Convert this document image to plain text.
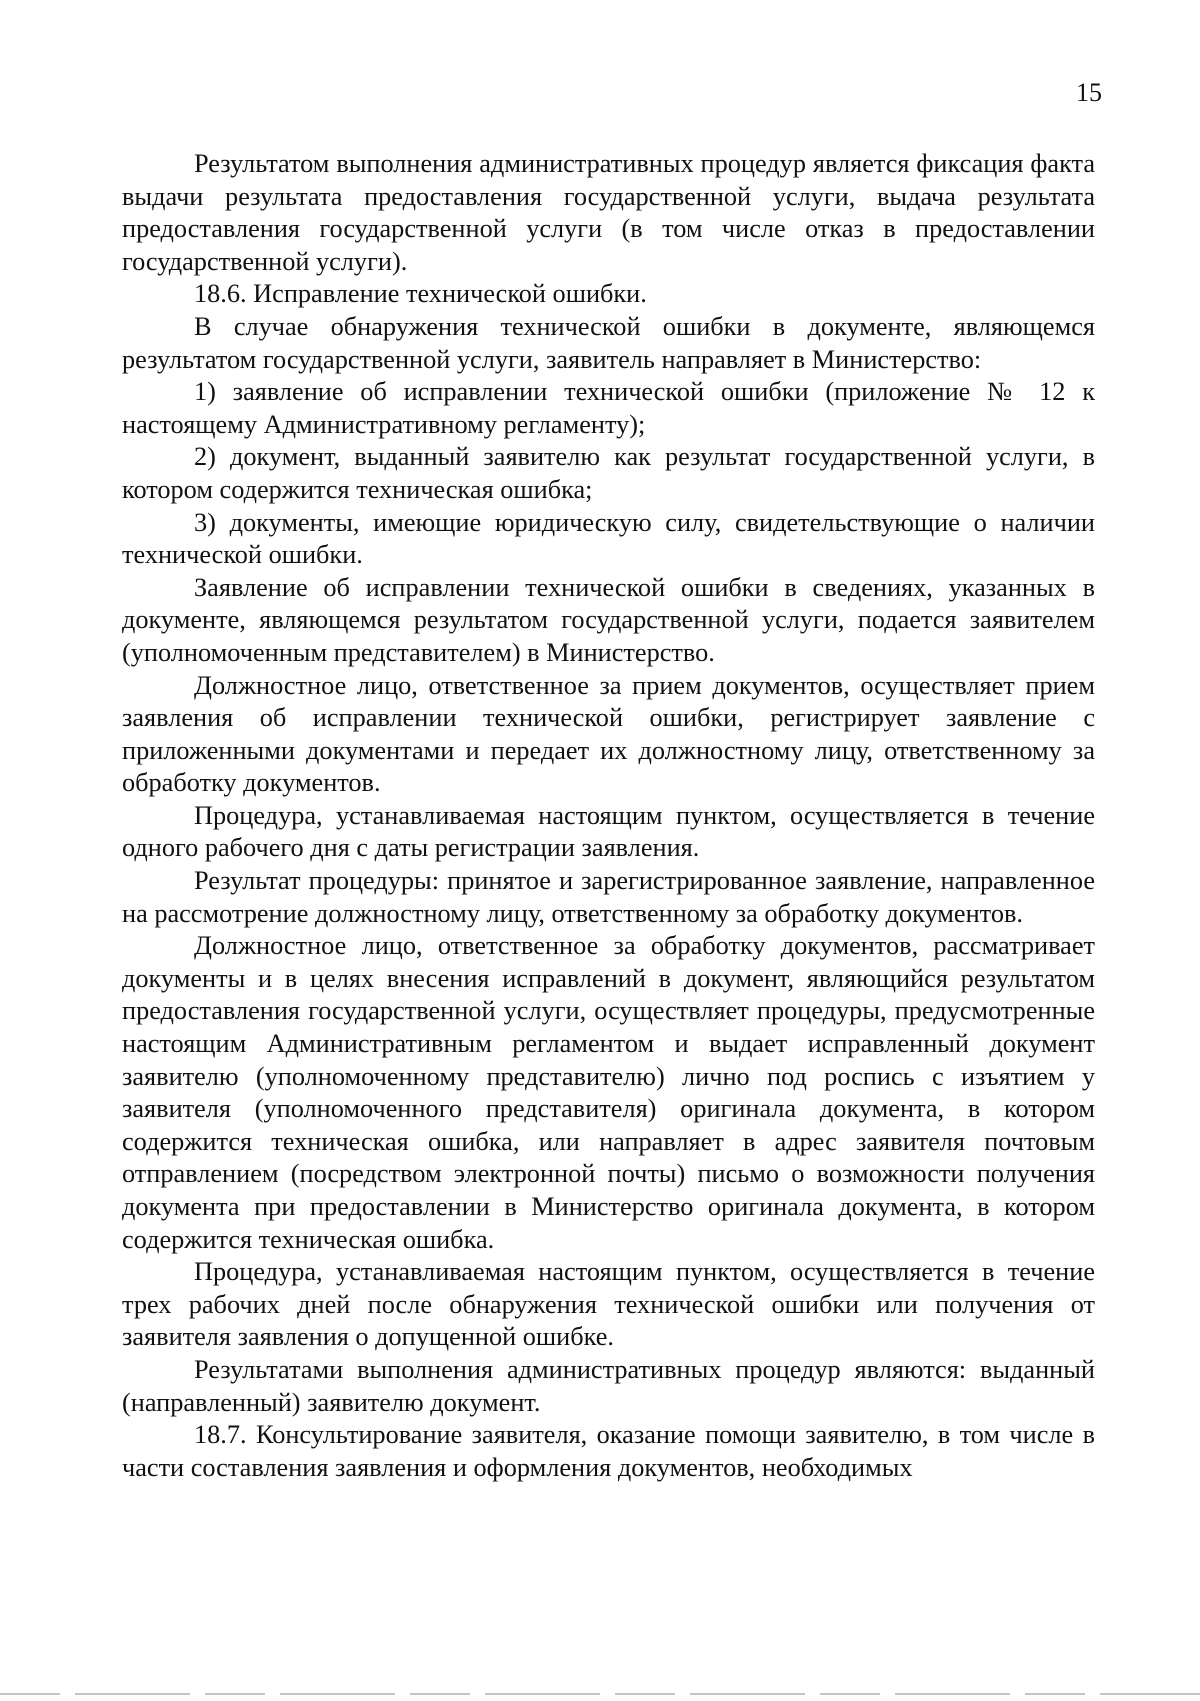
15

Результатом выполнения административных процедур является фиксация факта выдачи результата предоставления государственной услуги, выдача результата предоставления государственной услуги (в том числе отказ в предоставлении государственной услуги).

18.6. Исправление технической ошибки.

В случае обнаружения технической ошибки в документе, являющемся результатом государственной услуги, заявитель направляет в Министерство:

1) заявление об исправлении технической ошибки (приложение № 12 к настоящему Административному регламенту);

2) документ, выданный заявителю как результат государственной услуги, в котором содержится техническая ошибка;

3) документы, имеющие юридическую силу, свидетельствующие о наличии технической ошибки.

Заявление об исправлении технической ошибки в сведениях, указанных в документе, являющемся результатом государственной услуги, подается заявителем (уполномоченным представителем) в Министерство.

Должностное лицо, ответственное за прием документов, осуществляет прием заявления об исправлении технической ошибки, регистрирует заявление с приложенными документами и передает их должностному лицу, ответственному за обработку документов.

Процедура, устанавливаемая настоящим пунктом, осуществляется в течение одного рабочего дня с даты регистрации заявления.

Результат процедуры: принятое и зарегистрированное заявление, направленное на рассмотрение должностному лицу, ответственному за обработку документов.

Должностное лицо, ответственное за обработку документов, рассматривает документы и в целях внесения исправлений в документ, являющийся результатом предоставления государственной услуги, осуществляет процедуры, предусмотренные настоящим Административным регламентом и выдает исправленный документ заявителю (уполномоченному представителю) лично под роспись с изъятием у заявителя (уполномоченного представителя) оригинала документа, в котором содержится техническая ошибка, или направляет в адрес заявителя почтовым отправлением (посредством электронной почты) письмо о возможности получения документа при предоставлении в Министерство оригинала документа, в котором содержится техническая ошибка.

Процедура, устанавливаемая настоящим пунктом, осуществляется в течение трех рабочих дней после обнаружения технической ошибки или получения от заявителя заявления о допущенной ошибке.

Результатами выполнения административных процедур являются: выданный (направленный) заявителю документ.

18.7. Консультирование заявителя, оказание помощи заявителю, в том числе в части составления заявления и оформления документов, необходимых
